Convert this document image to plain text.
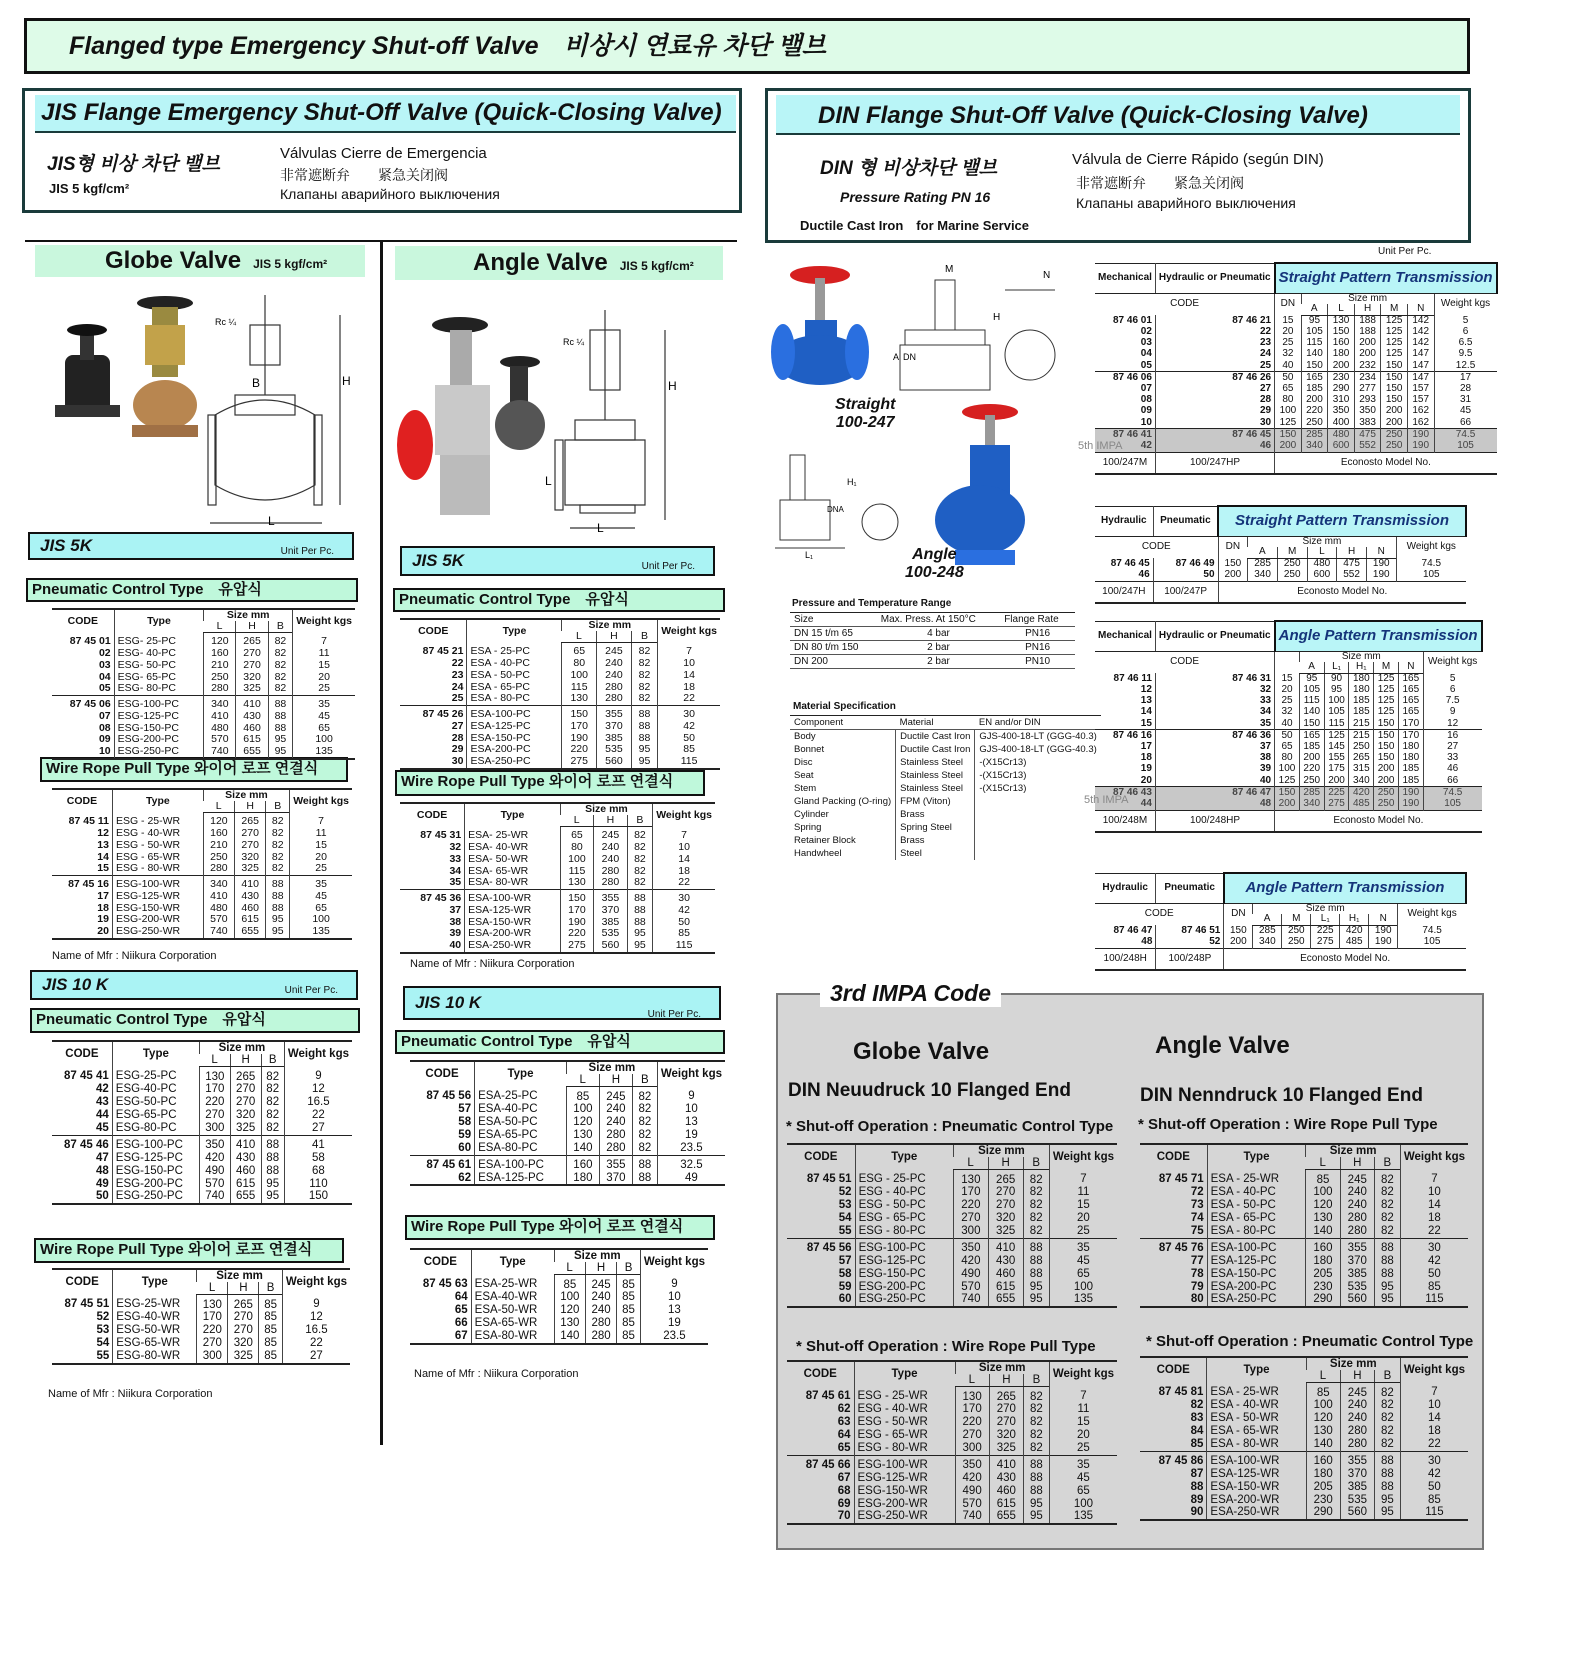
Flanged type Emergency Shut-off Valve　비상시 연료유 차단 밸브
JIS Flange Emergency Shut-Off Valve (Quick-Closing Valve)
JIS형 비상 차단 밸브
JIS 5 kgf/cm²
Válvulas Cierre de Emergencia
非常遮断弁　　紧急关闭阀
Клапаны аварийного выключения
DIN Flange Shut-Off Valve (Quick-Closing Valve)
DIN 형 비상차단 밸브
Pressure Rating PN 16
Ductile Cast Iron　for Marine Service
Válvula de Cierre Rápido (según DIN)
非常遮断弁　　紧急关闭阀
Клапаны аварийного выключения
Globe Valve JIS 5 kgf/cm²
Rc ¼
H
B
L
JIS 5K	Unit Per Pc.
Pneumatic Control Type　유압식
Wire Rope Pull Type 와이어 로프 연결식
Name of Mfr : Niikura Corporation
JIS 10 K	Unit Per Pc.
Pneumatic Control Type　유압식
Wire Rope Pull Type 와이어 로프 연결식
Name of Mfr : Niikura Corporation
Angle Valve JIS 5 kgf/cm²
Rc ¼
H
L
L
JIS 5K	Unit Per Pc.
Pneumatic Control Type　유압식
Wire Rope Pull Type 와이어 로프 연결식
Name of Mfr : Niikura Corporation
JIS 10 K
Unit Per Pc.
Pneumatic Control Type　유압식
Wire Rope Pull Type 와이어 로프 연결식
Name of Mfr : Niikura Corporation
M
N
H
A DN
H₁
L₁
DNA
Straight
100-247
Angle
100-248
Unit Per Pc.
Pressure and Temperature Range
Size	Max. Press. At 150°C	Flange Rate
DN 15 t/m 65	4 bar	PN16
DN 80 t/m 150	2 bar	PN16
DN 200	2 bar	PN10
Material Specification
Component	Material	EN and/or DIN
Body	Ductile Cast Iron	GJS-400-18-LT (GGG-40.3)
Bonnet	Ductile Cast Iron	GJS-400-18-LT (GGG-40.3)
Disc	Stainless Steel	-(X15Cr13)
Seat	Stainless Steel	-(X15Cr13)
Stem	Stainless Steel	-(X15Cr13)
Gland Packing (O-ring)	FPM (Viton)	
Cylinder	Brass	
Spring	Spring Steel	
Retainer Block	Brass	
Handwheel	Steel	
3rd IMPA Code
Globe Valve
DIN Neuudruck 10 Flanged End
* Shut-off Operation : Pneumatic Control Type
* Shut-off Operation : Wire Rope Pull Type
Angle Valve
DIN Nenndruck 10 Flanged End
* Shut-off Operation : Wire Rope Pull Type
* Shut-off Operation : Pneumatic Control Type
CODE	Type	Size mm			Weight kgs
		L	H	B	
87 45 01	ESG- 25-PC	120	265	82	7
02	ESG- 40-PC	160	270	82	11
03	ESG- 50-PC	210	270	82	15
04	ESG- 65-PC	250	320	82	20
05	ESG- 80-PC	280	325	82	25
87 45 06	ESG-100-PC	340	410	88	35
07	ESG-125-PC	410	430	88	45
08	ESG-150-PC	480	460	88	65
09	ESG-200-PC	570	615	95	100
10	ESG-250-PC	740	655	95	135
CODE	Type	Size mm			Weight kgs
		L	H	B	
87 45 11	ESG - 25-WR	120	265	82	7
12	ESG - 40-WR	160	270	82	11
13	ESG - 50-WR	210	270	82	15
14	ESG - 65-WR	250	320	82	20
15	ESG - 80-WR	280	325	82	25
87 45 16	ESG-100-WR	340	410	88	35
17	ESG-125-WR	410	430	88	45
18	ESG-150-WR	480	460	88	65
19	ESG-200-WR	570	615	95	100
20	ESG-250-WR	740	655	95	135
CODE	Type	Size mm			Weight kgs
		L	H	B	
87 45 41	ESG-25-PC	130	265	82	9
42	ESG-40-PC	170	270	82	12
43	ESG-50-PC	220	270	82	16.5
44	ESG-65-PC	270	320	82	22
45	ESG-80-PC	300	325	82	27
87 45 46	ESG-100-PC	350	410	88	41
47	ESG-125-PC	420	430	88	58
48	ESG-150-PC	490	460	88	68
49	ESG-200-PC	570	615	95	110
50	ESG-250-PC	740	655	95	150
CODE	Type	Size mm			Weight kgs
		L	H	B	
87 45 51	ESG-25-WR	130	265	85	9
52	ESG-40-WR	170	270	85	12
53	ESG-50-WR	220	270	85	16.5
54	ESG-65-WR	270	320	85	22
55	ESG-80-WR	300	325	85	27
CODE	Type	Size mm			Weight kgs
		L	H	B	
87 45 21	ESA - 25-PC	65	245	82	7
22	ESA - 40-PC	80	240	82	10
23	ESA - 50-PC	100	240	82	14
24	ESA - 65-PC	115	280	82	18
25	ESA - 80-PC	130	280	82	22
87 45 26	ESA-100-PC	150	355	88	30
27	ESA-125-PC	170	370	88	42
28	ESA-150-PC	190	385	88	50
29	ESA-200-PC	220	535	95	85
30	ESA-250-PC	275	560	95	115
CODE	Type	Size mm			Weight kgs
		L	H	B	
87 45 31	ESA- 25-WR	65	245	82	7
32	ESA- 40-WR	80	240	82	10
33	ESA- 50-WR	100	240	82	14
34	ESA- 65-WR	115	280	82	18
35	ESA- 80-WR	130	280	82	22
87 45 36	ESA-100-WR	150	355	88	30
37	ESA-125-WR	170	370	88	42
38	ESA-150-WR	190	385	88	50
39	ESA-200-WR	220	535	95	85
40	ESA-250-WR	275	560	95	115
CODE	Type	Size mm			Weight kgs
		L	H	B	
87 45 56	ESA-25-PC	85	245	82	9
57	ESA-40-PC	100	240	82	10
58	ESA-50-PC	120	240	82	13
59	ESA-65-PC	130	280	82	19
60	ESA-80-PC	140	280	82	23.5
87 45 61	ESA-100-PC	160	355	88	32.5
62	ESA-125-PC	180	370	88	49
CODE	Type	Size mm			Weight kgs
		L	H	B	
87 45 63	ESA-25-WR	85	245	85	9
64	ESA-40-WR	100	240	85	10
65	ESA-50-WR	120	240	85	13
66	ESA-65-WR	130	280	85	19
67	ESA-80-WR	140	280	85	23.5
CODE	Type	Size mm			Weight kgs
		L	H	B	
87 45 51	ESG - 25-PC	130	265	82	7
52	ESG - 40-PC	170	270	82	11
53	ESG - 50-PC	220	270	82	15
54	ESG - 65-PC	270	320	82	20
55	ESG - 80-PC	300	325	82	25
87 45 56	ESG-100-PC	350	410	88	35
57	ESG-125-PC	420	430	88	45
58	ESG-150-PC	490	460	88	65
59	ESG-200-PC	570	615	95	100
60	ESG-250-PC	740	655	95	135
CODE	Type	Size mm			Weight kgs
		L	H	B	
87 45 61	ESG - 25-WR	130	265	82	7
62	ESG - 40-WR	170	270	82	11
63	ESG - 50-WR	220	270	82	15
64	ESG - 65-WR	270	320	82	20
65	ESG - 80-WR	300	325	82	25
87 45 66	ESG-100-WR	350	410	88	35
67	ESG-125-WR	420	430	88	45
68	ESG-150-WR	490	460	88	65
69	ESG-200-WR	570	615	95	100
70	ESG-250-WR	740	655	95	135
CODE	Type	Size mm			Weight kgs
		L	H	B	
87 45 71	ESA - 25-WR	85	245	82	7
72	ESA - 40-PC	100	240	82	10
73	ESA - 50-PC	120	240	82	14
74	ESA - 65-PC	130	280	82	18
75	ESA - 80-PC	140	280	82	22
87 45 76	ESA-100-PC	160	355	88	30
77	ESA-125-PC	180	370	88	42
78	ESA-150-PC	205	385	88	50
79	ESA-200-PC	230	535	95	85
80	ESA-250-PC	290	560	95	115
CODE	Type	Size mm			Weight kgs
		L	H	B	
87 45 81	ESA - 25-WR	85	245	82	7
82	ESA - 40-WR	100	240	82	10
83	ESA - 50-WR	120	240	82	14
84	ESA - 65-WR	130	280	82	18
85	ESA - 80-WR	140	280	82	22
87 45 86	ESA-100-WR	160	355	88	30
87	ESA-125-WR	180	370	88	42
88	ESA-150-WR	205	385	88	50
89	ESA-200-WR	230	535	95	85
90	ESA-250-WR	290	560	95	115
Mechanical	Hydraulic or Pneumatic	Straight Pattern Transmission						
CODE		DN	Size mm					Weight kgs
			A	L	H	M	N	
87 46 01	87 46 21	15	95	130	188	125	142	5
02	22	20	105	150	188	125	142	6
03	23	25	115	160	200	125	142	6.5
04	24	32	140	180	200	125	147	9.5
05	25	40	150	200	232	150	147	12.5
87 46 06	87 46 26	50	165	230	234	150	147	17
07	27	65	185	290	277	150	157	28
08	28	80	200	310	293	150	157	31
09	29	100	220	350	350	200	162	45
10	30	125	250	400	383	200	162	66
87 46 41	87 46 45	150	285	480	475	250	190	74.5
42	46	200	340	600	552	250	190	105
100/247M	100/247HP	Econosto Model No.						
Hydraulic	Pneumatic	Straight Pattern Transmission						
CODE		DN	Size mm					Weight kgs
			A	M	L	H	N	
87 46 45	87 46 49	150	285	250	480	475	190	74.5
46	50	200	340	250	600	552	190	105
100/247H	100/247P	Econosto Model No.						
Mechanical	Hydraulic or Pneumatic	Angle Pattern Transmission						
CODE			Size mm					Weight kgs
			A	L₁	H₁	M	N	
87 46 11	87 46 31	15	95	90	180	125	165	5
12	32	20	105	95	180	125	165	6
13	33	25	115	100	185	125	165	7.5
14	34	32	140	105	185	125	165	9
15	35	40	150	115	215	150	170	12
87 46 16	87 46 36	50	165	125	215	150	170	16
17	37	65	185	145	250	150	180	27
18	38	80	200	155	265	150	180	33
19	39	100	220	175	315	200	185	46
20	40	125	250	200	340	200	185	66
87 46 43	87 46 47	150	285	225	420	250	190	74.5
44	48	200	340	275	485	250	190	105
100/248M	100/248HP	Econosto Model No.						
Hydraulic	Pneumatic	Angle Pattern Transmission						
CODE		DN	Size mm					Weight kgs
			A	M	L₁	H₁	N	
87 46 47	87 46 51	150	285	250	225	420	190	74.5
48	52	200	340	250	275	485	190	105
100/248H	100/248P	Econosto Model No.						
5th IMPA
5th IMPA
